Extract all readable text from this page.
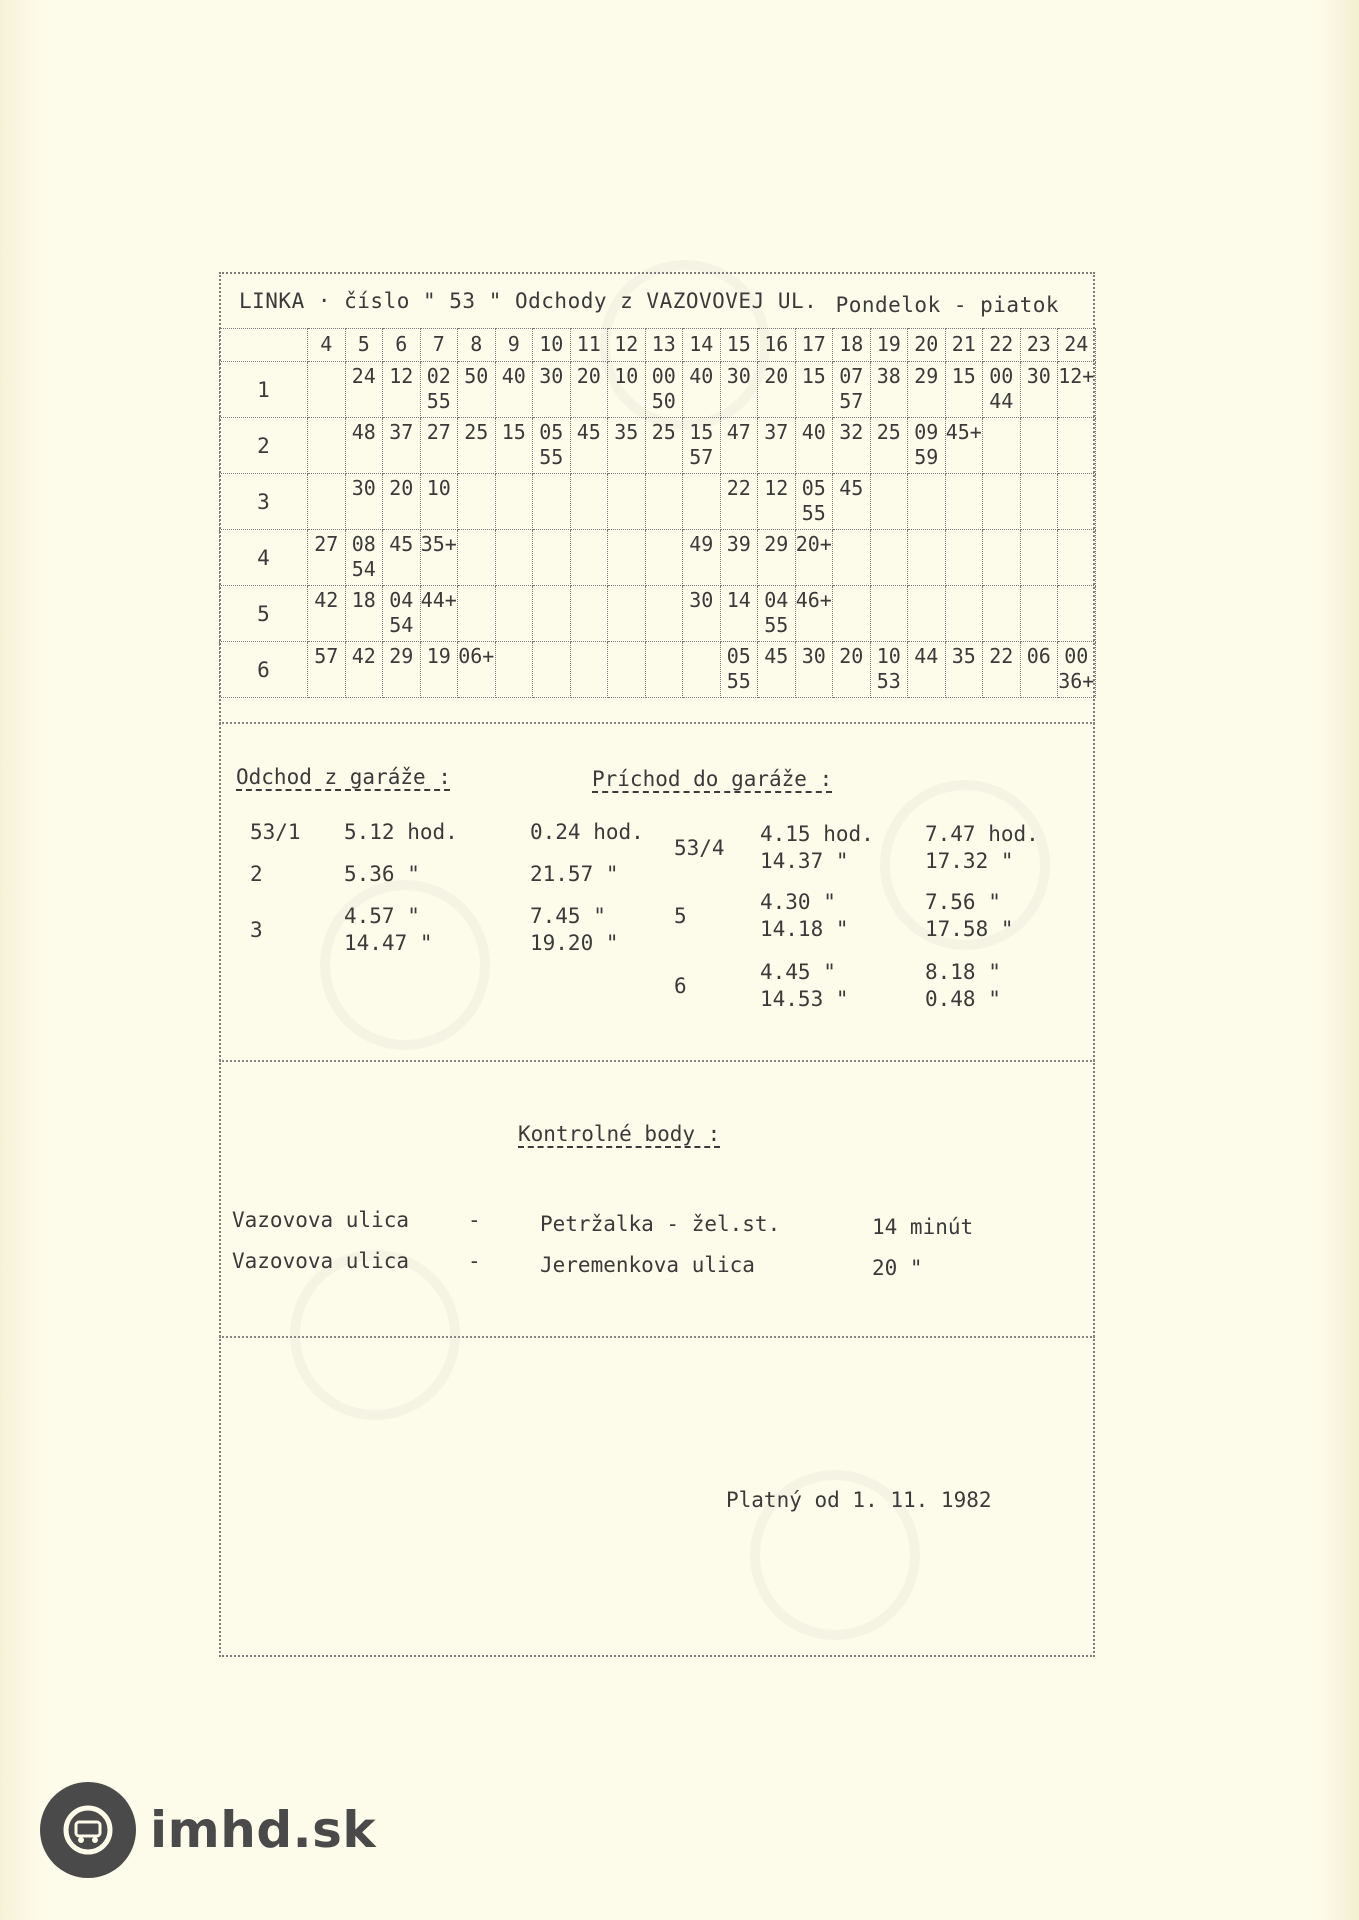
LINKA · číslo " 53 " Odchody z VAZOVOVEJ UL. Pondelok - piatok
	4	5	6	7	8	9	10	11	12	13	14	15	16	17	18	19	20	21	22	23	24
1		24	12	02
55	50	40	30	20	10	00
50	40	30	20	15	07
57	38	29	15	00
44	30	12+

2		48	37	27	25	15	05
55	45	35	25	15
57	47	37	40	32	25	09
59	45+			

3		30	20	10								22	12	05
55	45						

4	27	08
54	45	35+							49	39	29	20+							

5	42	18	04
54	44+							30	14	04
55	46+							

6	57	42	29	19	06+							05
55	45	30	20	10
53	44	35	22	06	00
36+
Odchod z garáže :	Príchod do garáže :
53/1 5.12 hod.	0.24 hod.
2	5.36 "	21.57 "
3
4.57 "
14.47 "
7.45 "
19.20 "
53/4
4.15 hod.
14.37 "
7.47 hod.
17.32 "
5
4.30 "
14.18 "
7.56 "
17.58 "
6
4.45 "
14.53 "
8.18 "
0.48 "
Kontrolné body :
Vazovova ulica	-	Petržalka - žel.st.	14 minút
Vazovova ulica	-	Jeremenkova ulica	20 "
Platný od 1. 11. 1982
imhd.sk
